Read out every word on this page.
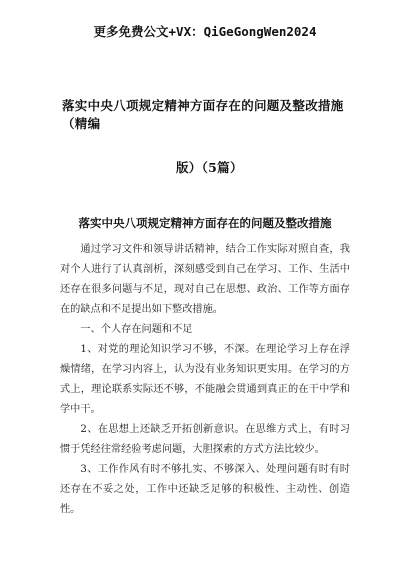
更多免费公文+VX：QiGeGongWen2024
落实中央八项规定精神方面存在的问题及整改措施（精编
版）（5篇）
落实中央八项规定精神方面存在的问题及整改措施

通过学习文件和领导讲话精神，结合工作实际对照自查，我对个人进行了认真剖析，深刻感受到自己在学习、工作、生活中还存在很多问题与不足，现对自己在思想、政治、工作等方面存在的缺点和不足提出如下整改措施。

一、个人存在问题和不足

1、对党的理论知识学习不够，不深。在理论学习上存在浮燥情绪，在学习内容上，认为没有业务知识更实用。在学习的方式上，理论联系实际还不够，不能融会贯通到真正的在干中学和学中干。

2、在思想上还缺乏开拓创新意识。在思维方式上，有时习惯于凭经往常经验考虑问题，大胆探索的方式方法比较少。

3、工作作风有时不够扎实、不够深入、处理问题有时有时还存在不妥之处，工作中还缺乏足够的积极性、主动性、创造性。
